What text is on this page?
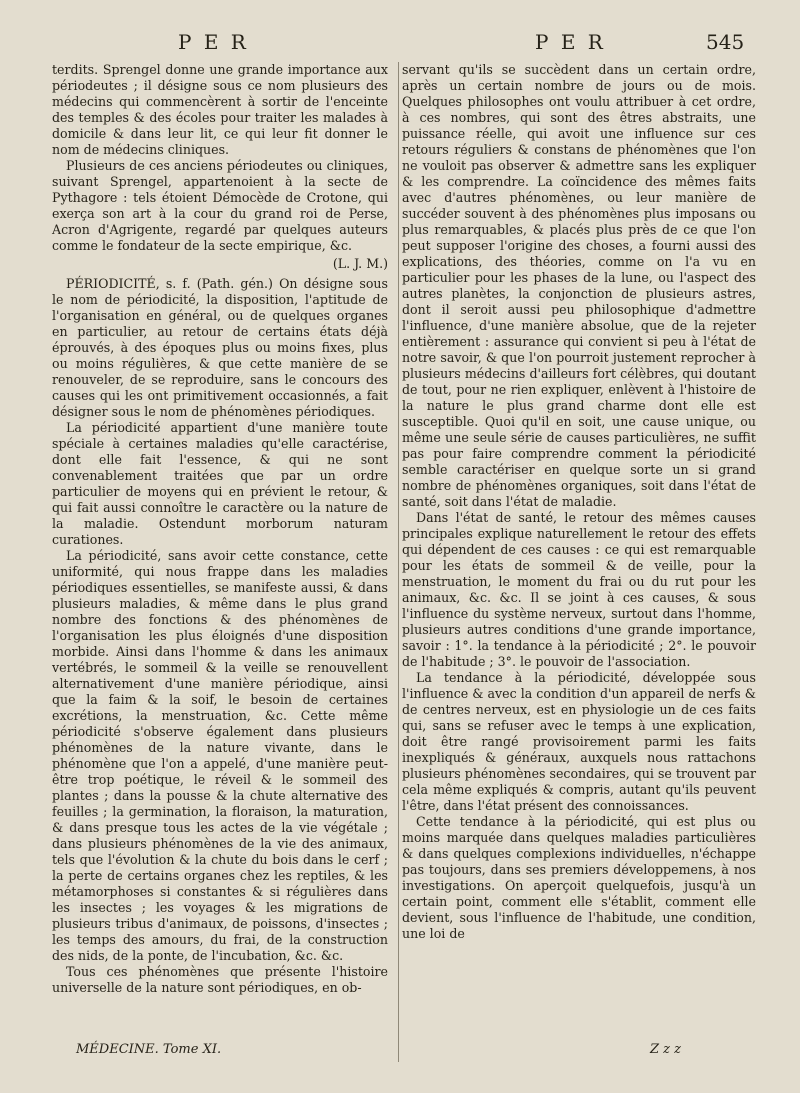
P E R	P E R	545

terdits. Sprengel donne une grande importance aux périodeutes ; il désigne sous ce nom plusieurs des médecins qui commencèrent à sortir de l'enceinte des temples & des écoles pour traiter les malades à domicile & dans leur lit, ce qui leur fit donner le nom de médecins cliniques.

Plusieurs de ces anciens périodeutes ou cliniques, suivant Sprengel, appartenoient à la secte de Pythagore : tels étoient Démocède de Crotone, qui exerça son art à la cour du grand roi de Perse, Acron d'Agrigente, regardé par quelques auteurs comme le fondateur de la secte empirique, &c.

(L. J. M.)

PÉRIODICITÉ, s. f. (Path. gén.) On désigne sous le nom de périodicité, la disposition, l'aptitude de l'organisation en général, ou de quelques organes en particulier, au retour de certains états déjà éprouvés, à des époques plus ou moins fixes, plus ou moins régulières, & que cette manière de se renouveler, de se reproduire, sans le concours des causes qui les ont primitivement occasionnés, a fait désigner sous le nom de phénomènes périodiques.

La périodicité appartient d'une manière toute spéciale à certaines maladies qu'elle caractérise, dont elle fait l'essence, & qui ne sont convenablement traitées que par un ordre particulier de moyens qui en prévient le retour, & qui fait aussi connoître le caractère ou la nature de la maladie. Ostendunt morborum naturam curationes.

La périodicité, sans avoir cette constance, cette uniformité, qui nous frappe dans les maladies périodiques essentielles, se manifeste aussi, & dans plusieurs maladies, & même dans le plus grand nombre des fonctions & des phénomènes de l'organisation les plus éloignés d'une disposition morbide. Ainsi dans l'homme & dans les animaux vertébrés, le sommeil & la veille se renouvellent alternativement d'une manière périodique, ainsi que la faim & la soif, le besoin de certaines excrétions, la menstruation, &c. Cette même périodicité s'observe également dans plusieurs phénomènes de la nature vivante, dans le phénomène que l'on a appelé, d'une manière peut-être trop poétique, le réveil & le sommeil des plantes ; dans la pousse & la chute alternative des feuilles ; la germination, la floraison, la maturation, & dans presque tous les actes de la vie végétale ; dans plusieurs phénomènes de la vie des animaux, tels que l'évolution & la chute du bois dans le cerf ; la perte de certains organes chez les reptiles, & les métamorphoses si constantes & si régulières dans les insectes ; les voyages & les migrations de plusieurs tribus d'animaux, de poissons, d'insectes ; les temps des amours, du frai, de la construction des nids, de la ponte, de l'incubation, &c. &c.

Tous ces phénomènes que présente l'histoire universelle de la nature sont périodiques, en ob-

servant qu'ils se succèdent dans un certain ordre, après un certain nombre de jours ou de mois. Quelques philosophes ont voulu attribuer à cet ordre, à ces nombres, qui sont des êtres abstraits, une puissance réelle, qui avoit une influence sur ces retours réguliers & constans de phénomènes que l'on ne vouloit pas observer & admettre sans les expliquer & les comprendre. La coïncidence des mêmes faits avec d'autres phénomènes, ou leur manière de succéder souvent à des phénomènes plus imposans ou plus remarquables, & placés plus près de ce que l'on peut supposer l'origine des choses, a fourni aussi des explications, des théories, comme on l'a vu en particulier pour les phases de la lune, ou l'aspect des autres planètes, la conjonction de plusieurs astres, dont il seroit aussi peu philosophique d'admettre l'influence, d'une manière absolue, que de la rejeter entièrement : assurance qui convient si peu à l'état de notre savoir, & que l'on pourroit justement reprocher à plusieurs médecins d'ailleurs fort célèbres, qui doutant de tout, pour ne rien expliquer, enlèvent à l'histoire de la nature le plus grand charme dont elle est susceptible. Quoi qu'il en soit, une cause unique, ou même une seule série de causes particulières, ne suffit pas pour faire comprendre comment la périodicité semble caractériser en quelque sorte un si grand nombre de phénomènes organiques, soit dans l'état de santé, soit dans l'état de maladie.

Dans l'état de santé, le retour des mêmes causes principales explique naturellement le retour des effets qui dépendent de ces causes : ce qui est remarquable pour les états de sommeil & de veille, pour la menstruation, le moment du frai ou du rut pour les animaux, &c. &c. Il se joint à ces causes, & sous l'influence du système nerveux, surtout dans l'homme, plusieurs autres conditions d'une grande importance, savoir : 1°. la tendance à la périodicité ; 2°. le pouvoir de l'habitude ; 3°. le pouvoir de l'association.

La tendance à la périodicité, développée sous l'influence & avec la condition d'un appareil de nerfs & de centres nerveux, est en physiologie un de ces faits qui, sans se refuser avec le temps à une explication, doit être rangé provisoirement parmi les faits inexpliqués & généraux, auxquels nous rattachons plusieurs phénomènes secondaires, qui se trouvent par cela même expliqués & compris, autant qu'ils peuvent l'être, dans l'état présent des connoissances.

Cette tendance à la périodicité, qui est plus ou moins marquée dans quelques maladies particulières & dans quelques complexions individuelles, n'échappe pas toujours, dans ses premiers développemens, à nos investigations. On aperçoit quelquefois, jusqu'à un certain point, comment elle s'établit, comment elle devient, sous l'influence de l'habitude, une condition, une loi de

MÉDECINE. Tome XI.	Z z z
